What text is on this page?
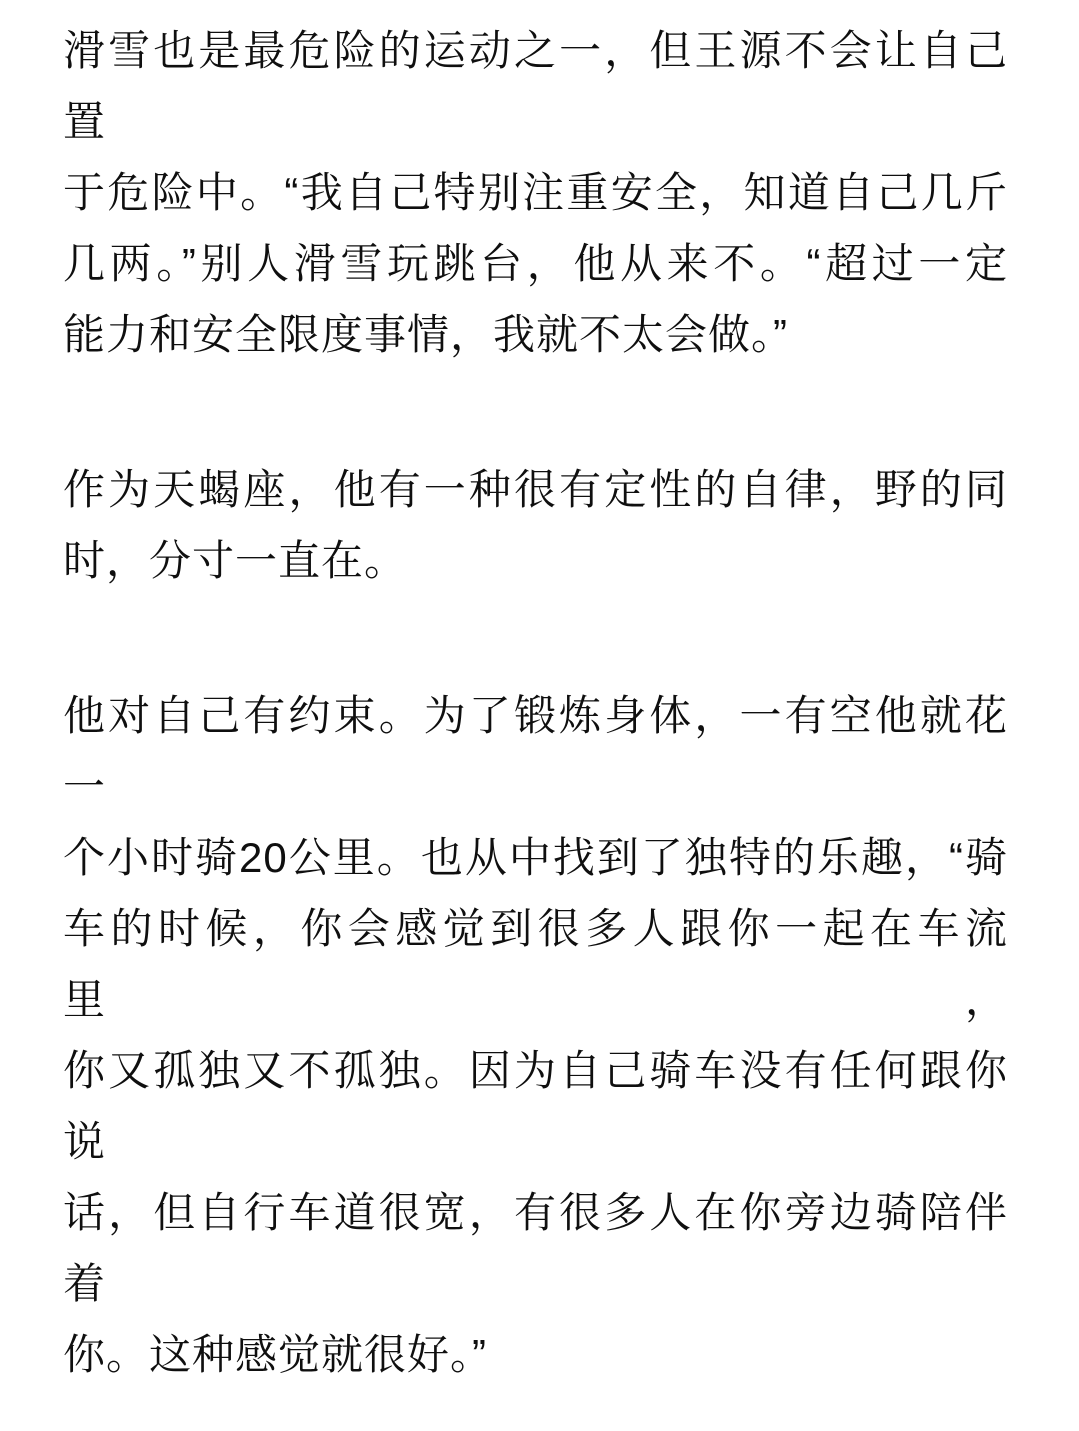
滑雪也是最危险的运动之一，但王源不会让自己置
于危险中。“我自己特别注重安全，知道自己几斤
几两。”别人滑雪玩跳台，他从来不。“超过一定
能力和安全限度事情，我就不太会做。”
作为天蝎座，他有一种很有定性的自律，野的同
时，分寸一直在。
他对自己有约束。为了锻炼身体，一有空他就花一
个小时骑20公里。也从中找到了独特的乐趣，“骑
车的时候，你会感觉到很多人跟你一起在车流里，
你又孤独又不孤独。因为自己骑车没有任何跟你说
话，但自行车道很宽，有很多人在你旁边骑陪伴着
你。这种感觉就很好。”
